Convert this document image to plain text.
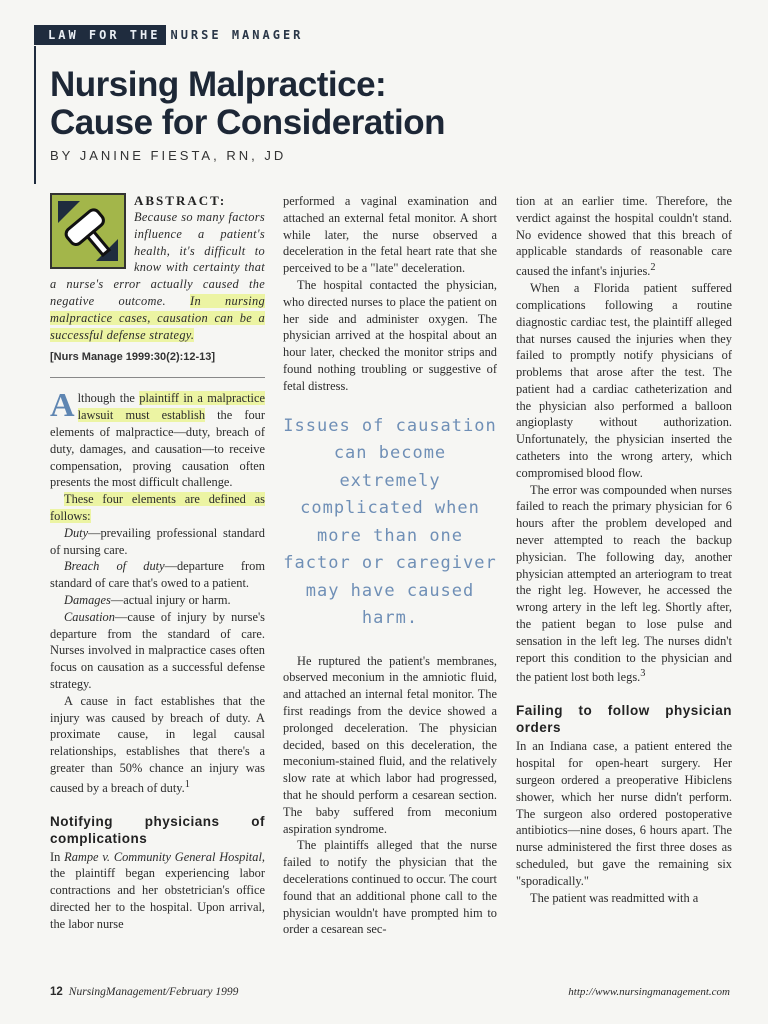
LAW FOR THE NURSE MANAGER
Nursing Malpractice:
Cause for Consideration
BY JANINE FIESTA, RN, JD
ABSTRACT:
Because so many factors influence a patient's health, it's difficult to know with certainty that a nurse's error actually caused the negative outcome. In nursing malpractice cases, causation can be a successful defense strategy.
[Nurs Manage 1999:30(2):12-13]

Although the plaintiff in a malpractice lawsuit must establish the four elements of malpractice—duty, breach of duty, damages, and causation—to receive compensation, proving causation often presents the most difficult challenge.

These four elements are defined as follows:

Duty—prevailing professional standard of nursing care.

Breach of duty—departure from standard of care that's owed to a patient.

Damages—actual injury or harm.

Causation—cause of injury by nurse's departure from the standard of care. Nurses involved in malpractice cases often focus on causation as a successful defense strategy.

A cause in fact establishes that the injury was caused by breach of duty. A proximate cause, in legal causal relationships, establishes that there's a greater than 50% chance an injury was caused by a breach of duty.$^1$

Notifying physicians of complications

In Rampe v. Community General Hospital, the plaintiff began experiencing labor contractions and her obstetrician's office directed her to the hospital. Upon arrival, the labor nurse

performed a vaginal examination and attached an external fetal monitor. A short while later, the nurse observed a deceleration in the fetal heart rate that she perceived to be a "late" deceleration.

The hospital contacted the physician, who directed nurses to place the patient on her side and administer oxygen. The physician arrived at the hospital about an hour later, checked the monitor strips and found nothing troubling or suggestive of fetal distress.

Issues of causation can become extremely complicated when more than one factor or caregiver may have caused harm.

He ruptured the patient's membranes, observed meconium in the amniotic fluid, and attached an internal fetal monitor. The first readings from the device showed a prolonged deceleration. The physician decided, based on this deceleration, the meconium-stained fluid, and the relatively slow rate at which labor had progressed, that he should perform a cesarean section. The baby suffered from meconium aspiration syndrome.

The plaintiffs alleged that the nurse failed to notify the physician that the decelerations continued to occur. The court found that an additional phone call to the physician wouldn't have prompted him to order a cesarean sec-

tion at an earlier time. Therefore, the verdict against the hospital couldn't stand. No evidence showed that this breach of applicable standards of reasonable care caused the infant's injuries.$^2$

When a Florida patient suffered complications following a routine diagnostic cardiac test, the plaintiff alleged that nurses caused the injuries when they failed to promptly notify physicians of problems that arose after the test. The patient had a cardiac catheterization and the physician also performed a balloon angioplasty without authorization. Unfortunately, the physician inserted the catheters into the wrong artery, which compromised blood flow.

The error was compounded when nurses failed to reach the primary physician for 6 hours after the problem developed and never attempted to reach the backup physician. The following day, another physician attempted an arteriogram to treat the right leg. However, he accessed the wrong artery in the left leg. Shortly after, the patient began to lose pulse and sensation in the left leg. The nurses didn't report this condition to the physician and the patient lost both legs.$^3$

Failing to follow physician orders

In an Indiana case, a patient entered the hospital for open-heart surgery. Her surgeon ordered a preoperative Hibiclens shower, which her nurse didn't perform. The surgeon also ordered postoperative antibiotics—nine doses, 6 hours apart. The nurse administered the first three doses as scheduled, but gave the remaining six "sporadically."

The patient was readmitted with a

12 NursingManagement/February 1999	http://www.nursingmanagement.com
